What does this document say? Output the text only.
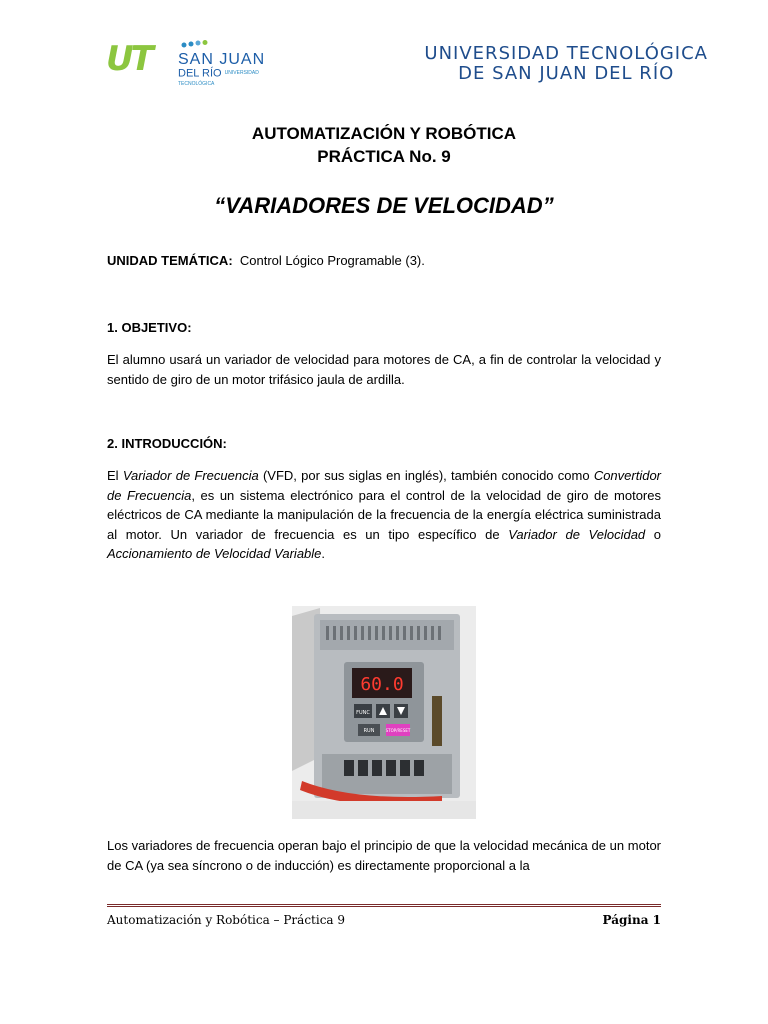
UT SAN JUAN
DEL RÍO UNIVERSIDAD TECNOLÓGICA
UNIVERSIDAD TECNOLÓGICA
DE SAN JUAN DEL RÍO
AUTOMATIZACIÓN Y ROBÓTICA
PRÁCTICA No. 9
“VARIADORES DE VELOCIDAD”
UNIDAD TEMÁTICA: Control Lógico Programable (3).
1. OBJETIVO:
El alumno usará un variador de velocidad para motores de CA, a fin de controlar la velocidad y sentido de giro de un motor trifásico jaula de ardilla.
2. INTRODUCCIÓN:
El Variador de Frecuencia (VFD, por sus siglas en inglés), también conocido como Convertidor de Frecuencia, es un sistema electrónico para el control de la velocidad de giro de motores eléctricos de CA mediante la manipulación de la frecuencia de la energía eléctrica suministrada al motor. Un variador de frecuencia es un tipo específico de Variador de Velocidad o Accionamiento de Velocidad Variable.
60.0
FUNC
RUN	STOP/RESET
Los variadores de frecuencia operan bajo el principio de que la velocidad mecánica de un motor de CA (ya sea síncrono o de inducción) es directamente proporcional a la
Automatización y Robótica – Práctica 9	Página 1
